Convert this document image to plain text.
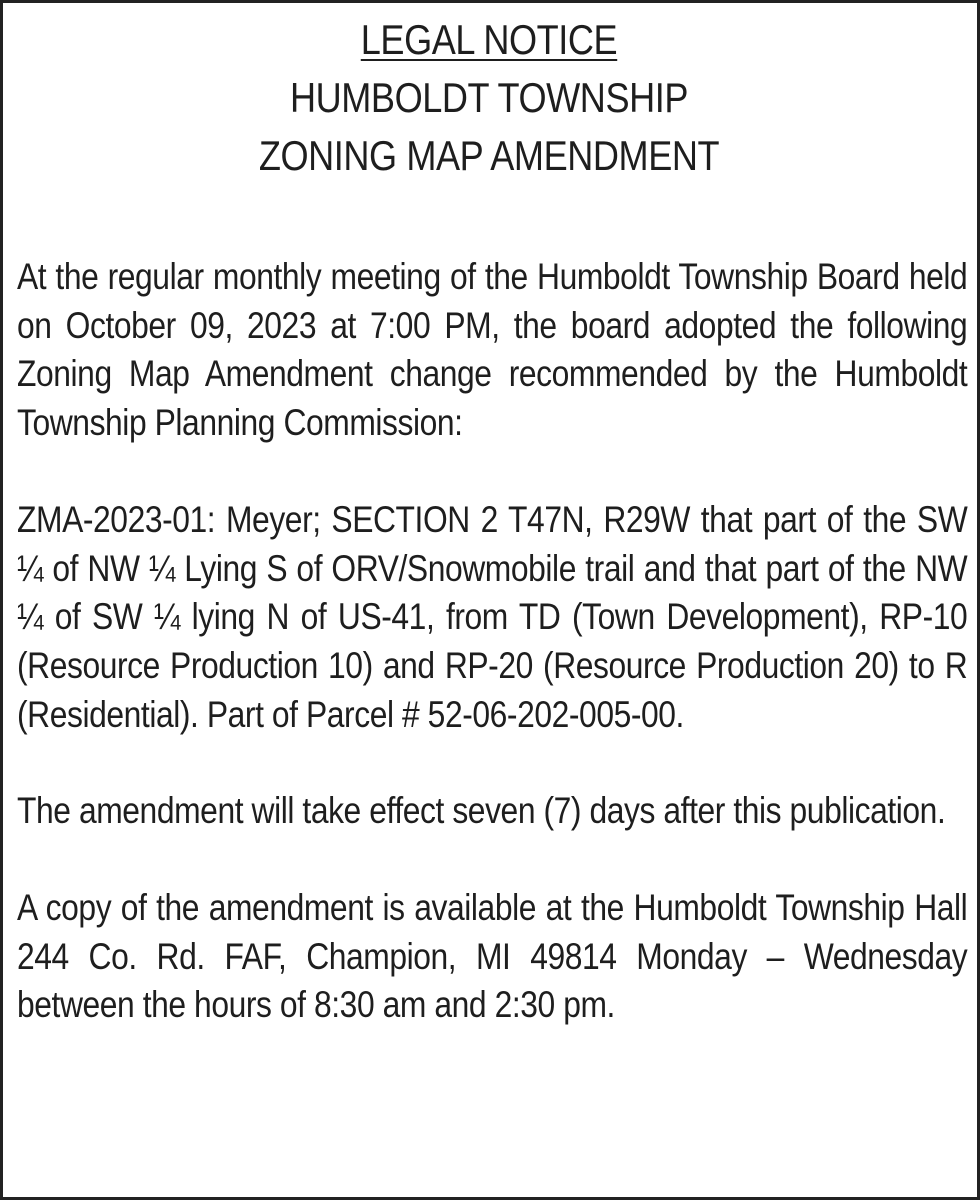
LEGAL NOTICE
HUMBOLDT TOWNSHIP
ZONING MAP AMENDMENT

At the regular monthly meeting of the Humboldt Township Board held on October 09, 2023 at 7:00 PM, the board adopted the following Zoning Map Amendment change recommended by the Humboldt Township Planning Commission:

ZMA-2023-01: Meyer; SECTION 2 T47N, R29W that part of the SW ¼ of NW ¼ Lying S of ORV/Snowmobile trail and that part of the NW ¼ of SW ¼ lying N of US-41, from TD (Town Development), RP-10 (Resource Production 10) and RP-20 (Resource Production 20) to R (Residential). Part of Parcel # 52-06-202-005-00.

The amendment will take effect seven (7) days after this publication.

A copy of the amendment is available at the Humboldt Township Hall 244 Co. Rd. FAF, Champion, MI 49814 Monday – Wednesday between the hours of 8:30 am and 2:30 pm.
